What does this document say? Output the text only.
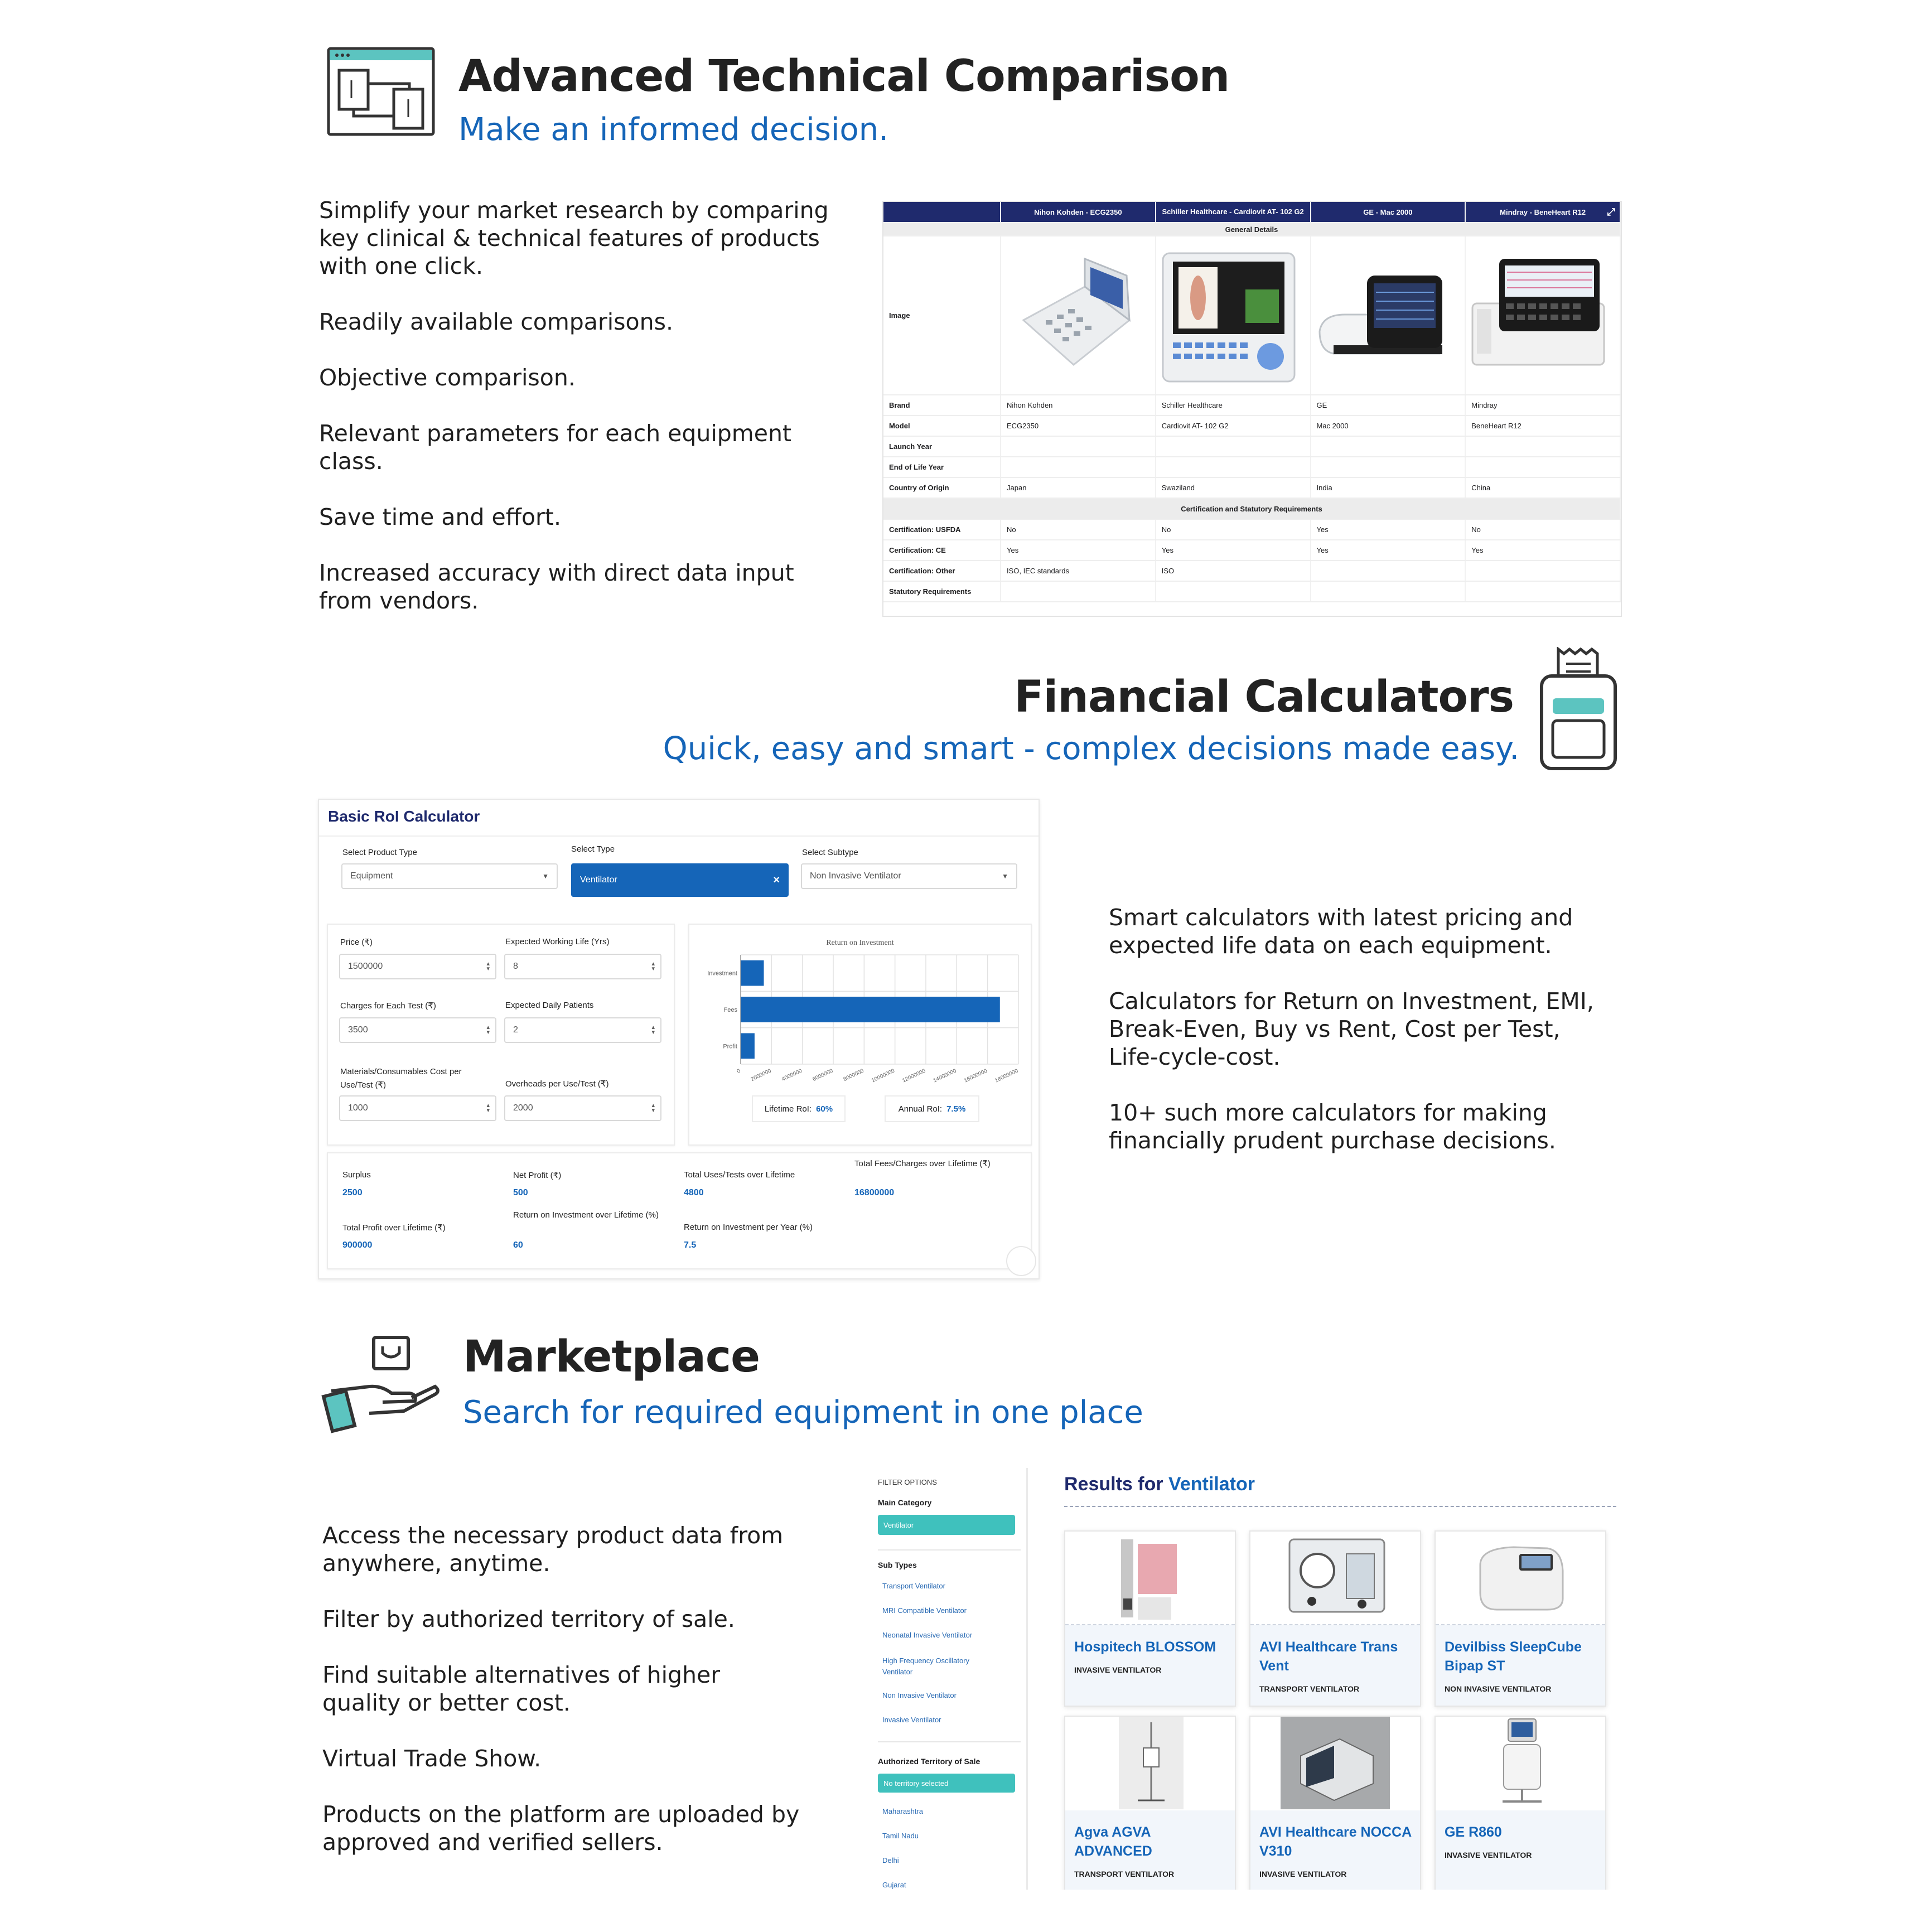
Advanced Technical Comparison
Make an informed decision.

Simplify your market research by comparing key clinical & technical features of products with one click.

Readily available comparisons.

Objective comparison.

Relevant parameters for each equipment class.

Save time and effort.

Increased accuracy with direct data input from vendors.

	Nihon Kohden - ECG2350	Schiller Healthcare - Cardiovit AT- 102 G2	GE - Mac 2000	Mindray - BeneHeart R12 ⤢

General Details				
Image				
Brand	Nihon Kohden	Schiller Healthcare	GE	Mindray
Model	ECG2350	Cardiovit AT- 102 G2	Mac 2000	BeneHeart R12
Launch Year				
End of Life Year				
Country of Origin	Japan	Swaziland	India	China
Certification and Statutory Requirements				
Certification: USFDA	No	No	Yes	No
Certification: CE	Yes	Yes	Yes	Yes
Certification: Other	ISO, IEC standards	ISO		
Statutory Requirements				
Financial Calculators
Quick, easy and smart - complex decisions made easy.
Basic RoI Calculator
Select Product Type
Equipment	▼
Select Type
Ventilator	×
Select Subtype
Non Invasive Ventilator	▼
Price (₹)
1500000	▴
▾
Expected Working Life (Yrs)
8	▴
▾
Charges for Each Test (₹)
3500	▴
▾
Expected Daily Patients
2	▴
▾
Materials/Consumables Cost per Use/Test (₹)
1000	▴
▾
Overheads per Use/Test (₹)
2000	▴
▾
Return on Investment
0 2000000 4000000 6000000 8000000 10000000 12000000 14000000 16000000 18000000
Investment
Fees
Profit
Lifetime RoI: 60%	Annual RoI: 7.5%
Surplus
2500
Net Profit (₹)
500
Total Uses/Tests over Lifetime
4800
Total Fees/Charges over Lifetime (₹)
16800000
Total Profit over Lifetime (₹)
900000
Return on Investment over Lifetime (%)
60
Return on Investment per Year (%)
7.5

Smart calculators with latest pricing and expected life data on each equipment.

Calculators for Return on Investment, EMI, Break-Even, Buy vs Rent, Cost per Test, Life-cycle-cost.

10+ such more calculators for making financially prudent purchase decisions.

Marketplace
Search for required equipment in one place

Access the necessary product data from anywhere, anytime.

Filter by authorized territory of sale.

Find suitable alternatives of higher quality or better cost.

Virtual Trade Show.

Products on the platform are uploaded by approved and verified sellers.

FILTER OPTIONS
Main Category
Ventilator
Sub Types
Transport Ventilator
MRI Compatible Ventilator
Neonatal Invasive Ventilator
High Frequency Oscillatory Ventilator
Non Invasive Ventilator
Invasive Ventilator
Authorized Territory of Sale
No territory selected
Maharashtra
Tamil Nadu
Delhi
Gujarat
Results for Ventilator
Hospitech BLOSSOM
INVASIVE VENTILATOR
AVI Healthcare Trans Vent
TRANSPORT VENTILATOR
Devilbiss SleepCube Bipap ST
NON INVASIVE VENTILATOR
Agva AGVA ADVANCED
TRANSPORT VENTILATOR
AVI Healthcare NOCCA V310
INVASIVE VENTILATOR
GE R860
INVASIVE VENTILATOR
